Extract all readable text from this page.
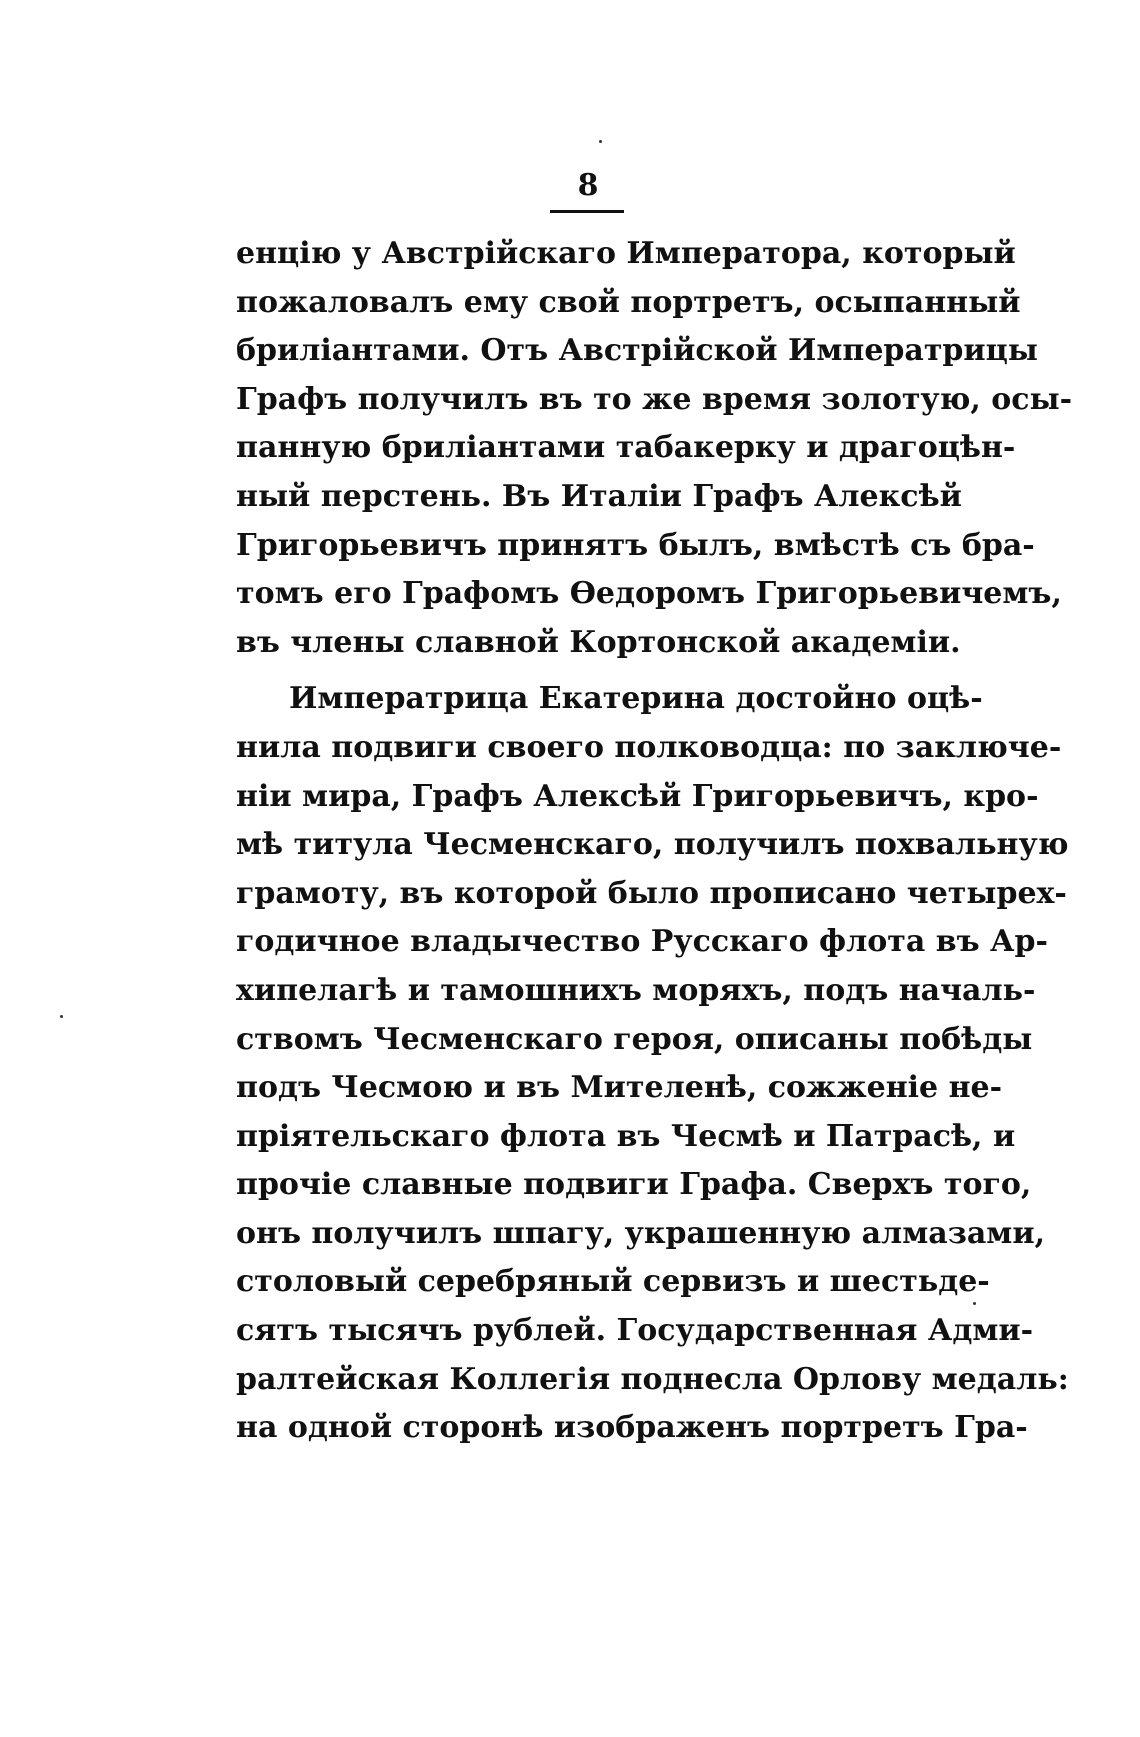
8
енцію у Австрійскаго Императора, который
пожаловалъ ему свой портретъ, осыпанный
бриліантами. Отъ Австрійской Императрицы
Графъ получилъ въ то же время золотую, осы-
панную бриліантами табакерку и драгоцѣн-
ный перстень. Въ Италіи Графъ Алексѣй
Григорьевичъ принятъ былъ, вмѣстѣ съ бра-
томъ его Графомъ Ѳедоромъ Григорьевичемъ,
въ члены славной Кортонской академіи.
Императрица Екатерина достойно оцѣ-
нила подвиги своего полководца: по заключе-
ніи мира, Графъ Алексѣй Григорьевичъ, кро-
мѣ титула Чесменскаго, получилъ похвальную
грамоту, въ которой было прописано четырех-
годичное владычество Русскаго флота въ Ар-
хипелагѣ и тамошнихъ моряхъ, подъ началь-
ствомъ Чесменскаго героя, описаны побѣды
подъ Чесмою и въ Мителенѣ, сожженіе не-
пріятельскаго флота въ Чесмѣ и Патрасѣ, и
прочіе славные подвиги Графа. Сверхъ того,
онъ получилъ шпагу, украшенную алмазами,
столовый серебряный сервизъ и шестьде-
сятъ тысячъ рублей. Государственная Адми-
ралтейская Коллегія поднесла Орлову медаль:
на одной сторонѣ изображенъ портретъ Гра-
